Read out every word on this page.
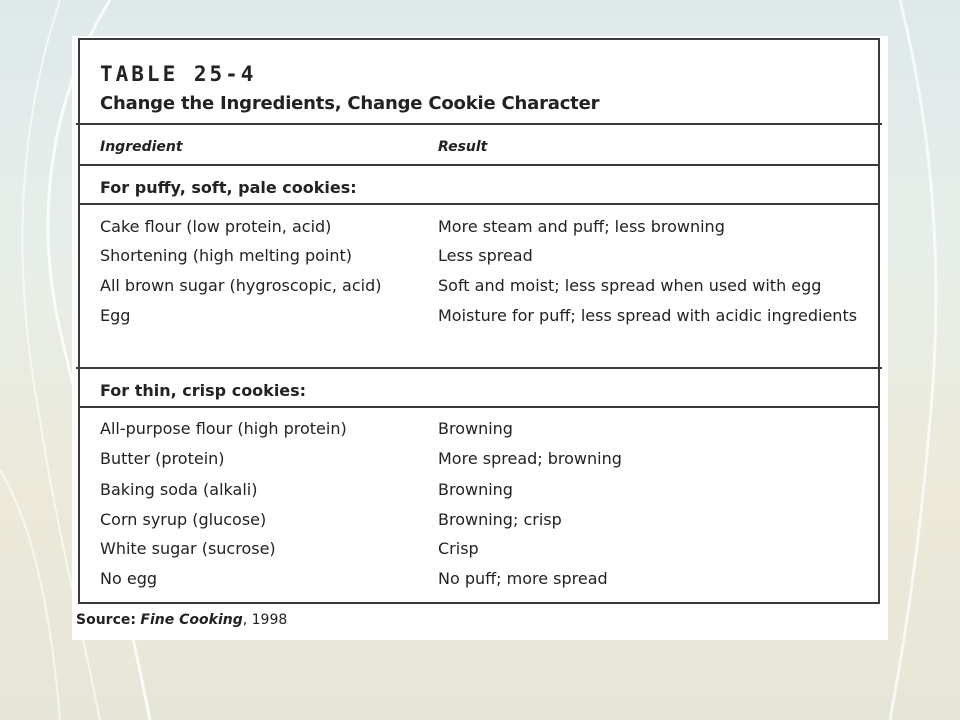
TABLE 25-4
Change the Ingredients, Change Cookie Character
Ingredient	Result
For puffy, soft, pale cookies:
Cake flour (low protein, acid)	More steam and puff; less browning
Shortening (high melting point)	Less spread
All brown sugar (hygroscopic, acid)	Soft and moist; less spread when used with egg
Egg	Moisture for puff; less spread with acidic ingredients
For thin, crisp cookies:
All-purpose flour (high protein)	Browning
Butter (protein)	More spread; browning
Baking soda (alkali)	Browning
Corn syrup (glucose)	Browning; crisp
White sugar (sucrose)	Crisp
No egg	No puff; more spread
Source: Fine Cooking, 1998
